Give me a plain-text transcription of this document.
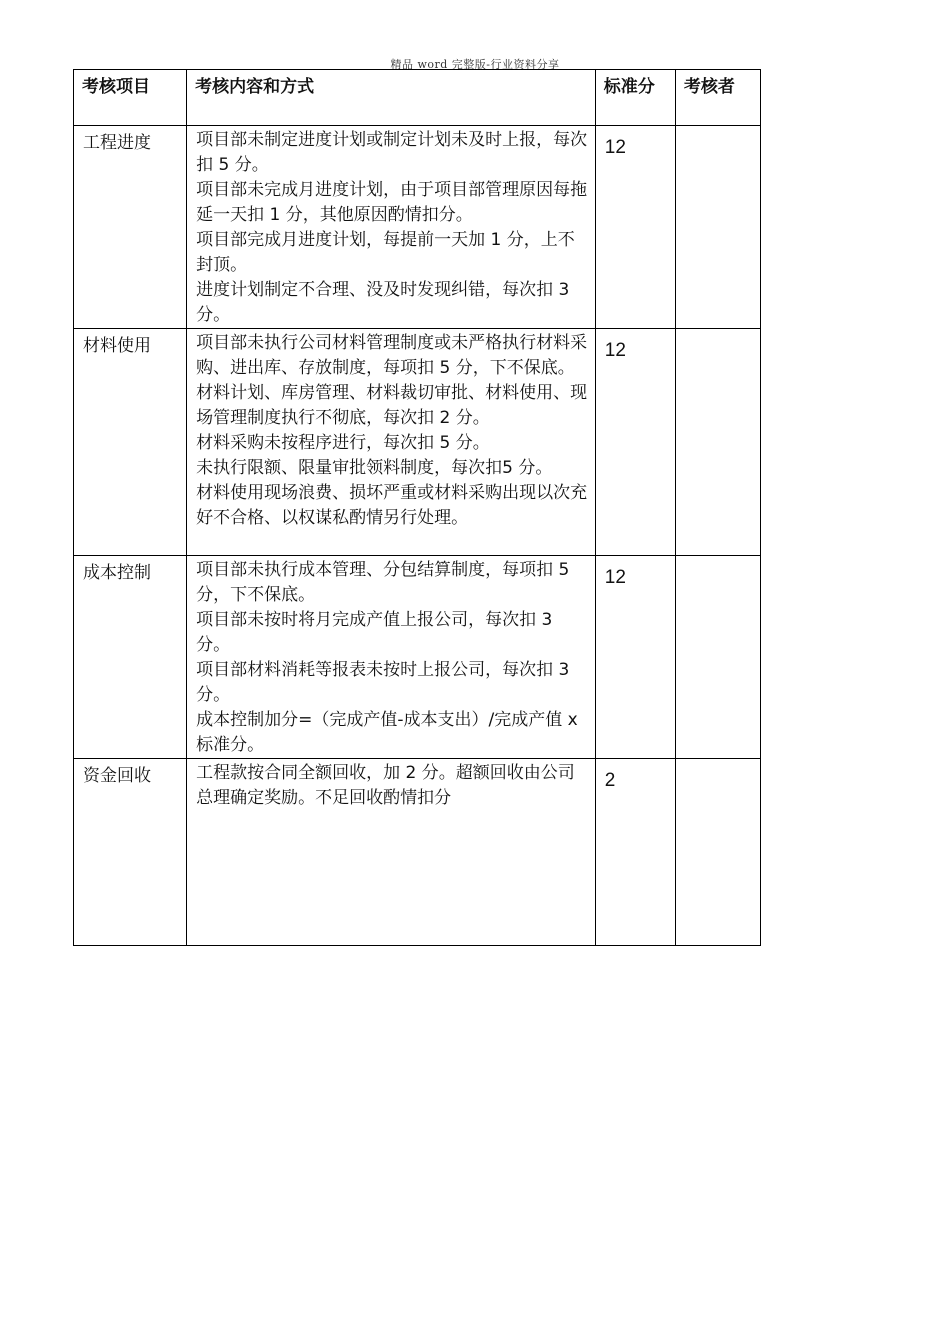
精品 word 完整版-行业资料分享
考核项目	考核内容和方式	标准分	考核者
工程进度	项目部未制定进度计划或制定计划未及时上报，每次扣 5 分。

项目部未完成月进度计划，由于项目部管理原因每拖延一天扣 1 分，其他原因酌情扣分。

项目部完成月进度计划，每提前一天加 1 分，上不封顶。

进度计划制定不合理、没及时发现纠错，每次扣 3 分。	12	
材料使用	项目部未执行公司材料管理制度或未严格执行材料采购、进出库、存放制度，每项扣 5 分，下不保底。

材料计划、库房管理、材料裁切审批、材料使用、现场管理制度执行不彻底，每次扣 2 分。

材料采购未按程序进行，每次扣 5 分。

未执行限额、限量审批领料制度，每次扣5 分。

材料使用现场浪费、损坏严重或材料采购出现以次充好不合格、以权谋私酌情另行处理。	12	
成本控制	项目部未执行成本管理、分包结算制度，每项扣 5 分，下不保底。

项目部未按时将月完成产值上报公司，每次扣 3 分。

项目部材料消耗等报表未按时上报公司，每次扣 3 分。

成本控制加分=（完成产值-成本支出）/完成产值 x 标准分。	12	
资金回收	工程款按合同全额回收，加 2 分。超额回收由公司总理确定奖励。不足回收酌情扣分	2	
